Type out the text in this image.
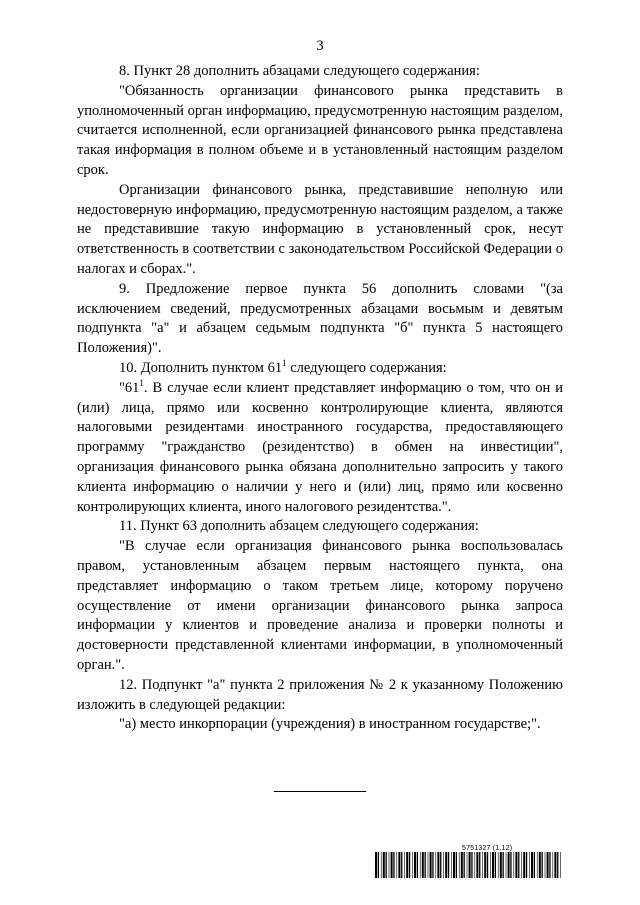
3

8. Пункт 28 дополнить абзацами следующего содержания:

"Обязанность организации финансового рынка представить в уполномоченный орган информацию, предусмотренную настоящим разделом, считается исполненной, если организацией финансового рынка представлена такая информация в полном объеме и в установленный настоящим разделом срок.

Организации финансового рынка, представившие неполную или недостоверную информацию, предусмотренную настоящим разделом, а также не представившие такую информацию в установленный срок, несут ответственность в соответствии с законодательством Российской Федерации о налогах и сборах.".

9. Предложение первое пункта 56 дополнить словами "(за исключением сведений, предусмотренных абзацами восьмым и девятым подпункта "а" и абзацем седьмым подпункта "б" пункта 5 настоящего Положения)".

10. Дополнить пунктом $61^1$ следующего содержания:

"$61^1$. В случае если клиент представляет информацию о том, что он и (или) лица, прямо или косвенно контролирующие клиента, являются налоговыми резидентами иностранного государства, предоставляющего программу "гражданство (резидентство) в обмен на инвестиции", организация финансового рынка обязана дополнительно запросить у такого клиента информацию о наличии у него и (или) лиц, прямо или косвенно контролирующих клиента, иного налогового резидентства.".

11. Пункт 63 дополнить абзацем следующего содержания:

"В случае если организация финансового рынка воспользовалась правом, установленным абзацем первым настоящего пункта, она представляет информацию о таком третьем лице, которому поручено осуществление от имени организации финансового рынка запроса информации у клиентов и проведение анализа и проверки полноты и достоверности представленной клиентами информации, в уполномоченный орган.".

12. Подпункт "а" пункта 2 приложения № 2 к указанному Положению изложить в следующей редакции:

"а) место инкорпорации (учреждения) в иностранном государстве;".

5751327 (1.12)
